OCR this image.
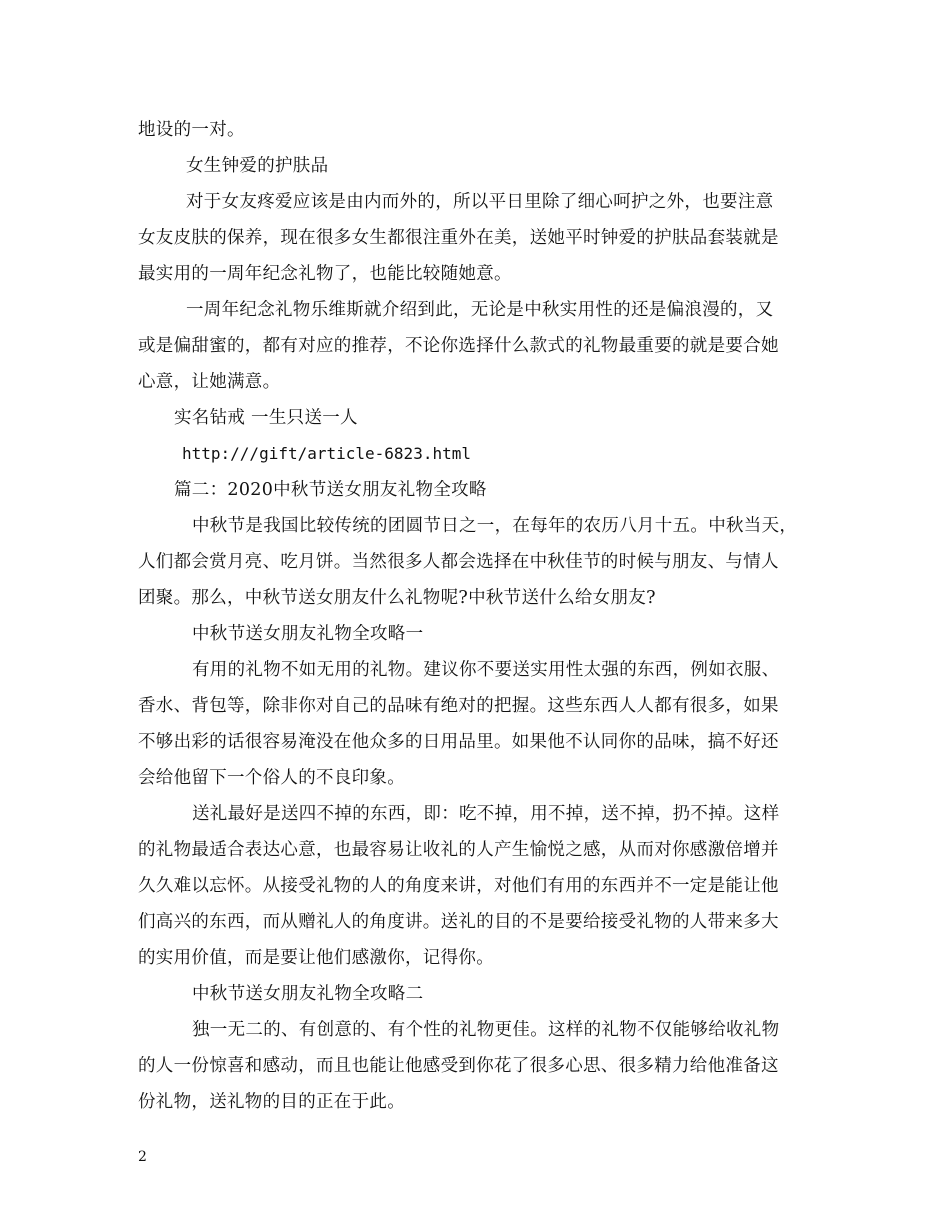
地设的一对。
女生钟爱的护肤品
对于女友疼爱应该是由内而外的，所以平日里除了细心呵护之外，也要注意
女友皮肤的保养，现在很多女生都很注重外在美，送她平时钟爱的护肤品套装就是
最实用的一周年纪念礼物了，也能比较随她意。
一周年纪念礼物乐维斯就介绍到此，无论是中秋实用性的还是偏浪漫的，又
或是偏甜蜜的，都有对应的推荐，不论你选择什么款式的礼物最重要的就是要合她
心意，让她满意。
实名钻戒 一生只送一人
http:///gift/article-6823.html
篇二：2020中秋节送女朋友礼物全攻略
中秋节是我国比较传统的团圆节日之一，在每年的农历八月十五。中秋当天，
人们都会赏月亮、吃月饼。当然很多人都会选择在中秋佳节的时候与朋友、与情人
团聚。那么，中秋节送女朋友什么礼物呢?中秋节送什么给女朋友?
中秋节送女朋友礼物全攻略一
有用的礼物不如无用的礼物。建议你不要送实用性太强的东西，例如衣服、
香水、背包等，除非你对自己的品味有绝对的把握。这些东西人人都有很多，如果
不够出彩的话很容易淹没在他众多的日用品里。如果他不认同你的品味，搞不好还
会给他留下一个俗人的不良印象。
送礼最好是送四不掉的东西，即：吃不掉，用不掉，送不掉，扔不掉。这样
的礼物最适合表达心意，也最容易让收礼的人产生愉悦之感，从而对你感激倍增并
久久难以忘怀。从接受礼物的人的角度来讲，对他们有用的东西并不一定是能让他
们高兴的东西，而从赠礼人的角度讲。送礼的目的不是要给接受礼物的人带来多大
的实用价值，而是要让他们感激你，记得你。
中秋节送女朋友礼物全攻略二
独一无二的、有创意的、有个性的礼物更佳。这样的礼物不仅能够给收礼物
的人一份惊喜和感动，而且也能让他感受到你花了很多心思、很多精力给他准备这
份礼物，送礼物的目的正在于此。
2
